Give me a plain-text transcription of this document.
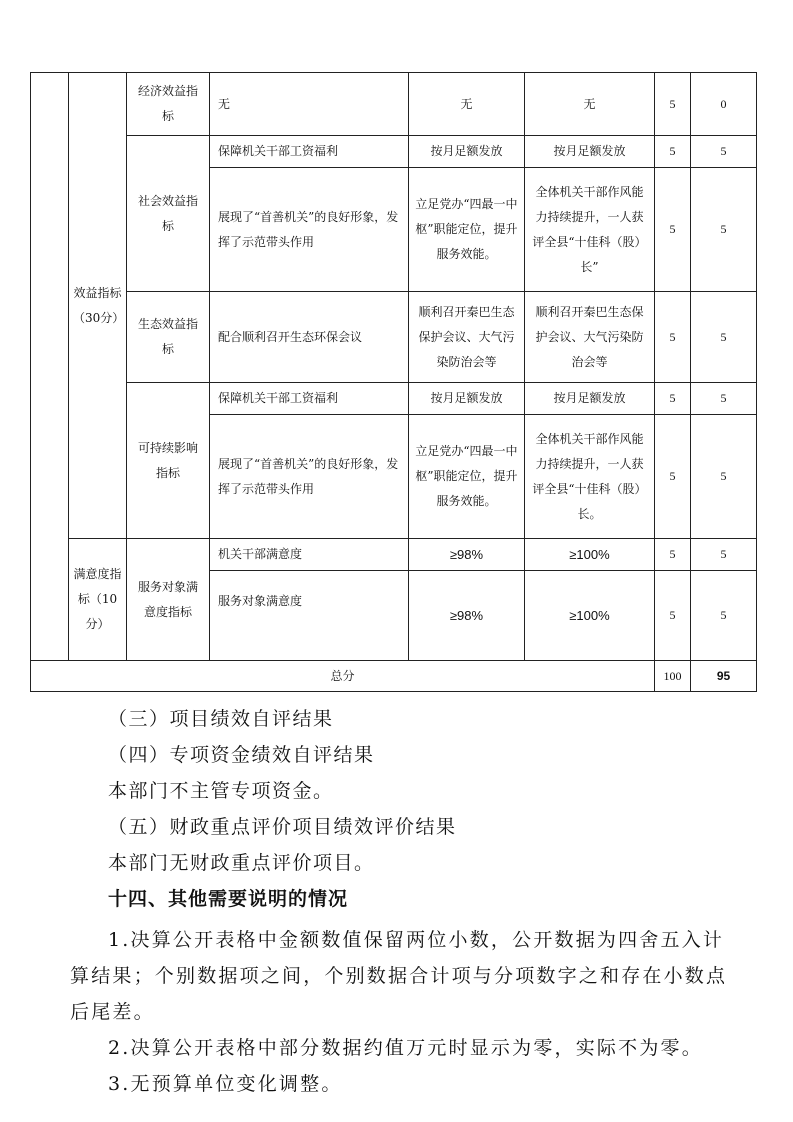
	效益指标（30分）	经济效益指标	无	无	无	5	0
		社会效益指标	保障机关干部工资福利	按月足额发放	按月足额发放	5	5
			展现了“首善机关”的良好形象，发挥了示范带头作用	立足党办“四最一中枢”职能定位，提升服务效能。	全体机关干部作风能力持续提升，一人获评全县“十佳科（股）长”	5	5
		生态效益指标	配合顺利召开生态环保会议	顺利召开秦巴生态保护会议、大气污染防治会等	顺利召开秦巴生态保护会议、大气污染防治会等	5	5
		可持续影响指标	保障机关干部工资福利	按月足额发放	按月足额发放	5	5
			展现了“首善机关”的良好形象，发挥了示范带头作用	立足党办“四最一中枢”职能定位，提升服务效能。	全体机关干部作风能力持续提升，一人获评全县“十佳科（股）长。	5	5
	满意度指标（10分）	服务对象满意度指标	机关干部满意度	≥98%	≥100%	5	5
			服务对象满意度	≥98%	≥100%	5	5
总分						100	95
（三）项目绩效自评结果
（四）专项资金绩效自评结果
本部门不主管专项资金。
（五）财政重点评价项目绩效评价结果
本部门无财政重点评价项目。
十四、其他需要说明的情况

1.决算公开表格中金额数值保留两位小数，公开数据为四舍五入计算结果；个别数据项之间，个别数据合计项与分项数字之和存在小数点后尾差。

2.决算公开表格中部分数据约值万元时显示为零，实际不为零。

3.无预算单位变化调整。
